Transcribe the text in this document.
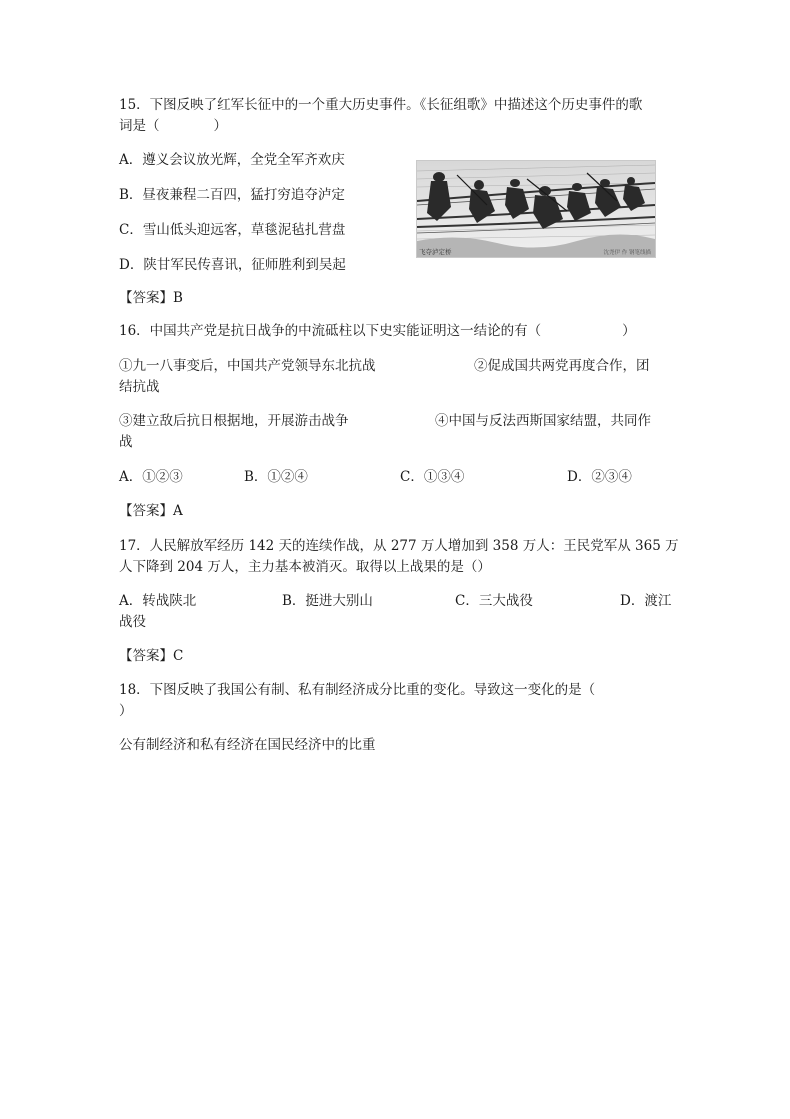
15．下图反映了红军长征中的一个重大历史事件。《长征组歌》中描述这个历史事件的歌
词是（　　　　）
A．遵义会议放光辉，全党全军齐欢庆
B．昼夜兼程二百四，猛打穷追夺泸定
C．雪山低头迎远客，草毯泥毡扎营盘
D．陕甘军民传喜讯，征师胜利到吴起
飞夺泸定桥	沈尧伊 作 钢笔线描
【答案】B
16．中国共产党是抗日战争的中流砥柱以下史实能证明这一结论的有（　　　　　　）
①九一八事变后，中国共产党领导东北抗战	②促成国共两党再度合作，团
结抗战
③建立敌后抗日根据地，开展游击战争	④中国与反法西斯国家结盟，共同作
战
A．①②③	B．①②④	C．①③④	D．②③④
【答案】A
17．人民解放军经历 142 天的连续作战，从 277 万人增加到 358 万人：王民党军从 365 万
人下降到 204 万人，主力基本被消灭。取得以上战果的是（）
A．转战陕北	B．挺进大别山	C．三大战役	D．渡江
战役
【答案】C
18．下图反映了我国公有制、私有制经济成分比重的变化。导致这一变化的是（
）
公有制经济和私有经济在国民经济中的比重
